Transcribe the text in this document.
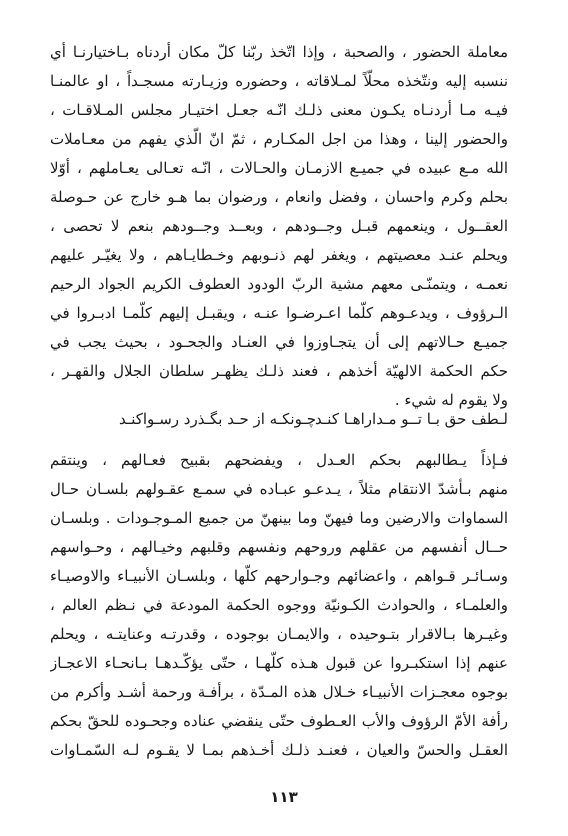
معاملة الحضور ، والصحبة ، وإذا اتّخذ ربّنا كلّ مكان أردناه بـاختيارنـا أي
ننسبه إليه ونتّخذه محلّاً لمـلاقاته ، وحضوره وزيـارته مسجـداً ، او عالمنـا
فيـه مـا أردنـاه يكـون معنى ذلـك انّـه جعـل اختيـار مجلس المـلاقـات ،
والحضور إلينا ، وهذا من اجل المكـارم ، ثمّ انّ الّذي يفهم من معـاملات
الله مـع عبيده في جميـع الازمـان والحـالات ، انّـه تعـالى يعـاملهم ، أوّلا
بحلم وكرم واحسان ، وفضل وانعام ، ورضوان بما هـو خارج عن حـوصلة
العقــول ، وينعمهم قبـل وجــودهم ، وبعــد وجــودهم بنعم لا تحصى ،
ويحلم عنـد معصيتهم ، ويغفر لهم ذنـوبهم وخـطايـاهم ، ولا يغيّـر عليهم
نعمـه ، ويتمنّـى معهم مشية الربّ الودود العطوف الكريم الجواد الرحيم
الـرؤوف ، ويدعـوهم كلّما اعـرضـوا عنـه ، ويقبـل إليهم كلّمـا ادبـروا في
جميـع حـالاتهم إلى أن يتجـاوزوا في العنـاد والجحـود ، بحيث يجب في
حكم الحكمة الالهيّة أخذهم ، فعند ذلـك يظهـر سلطان الجلال والقهـر ،
ولا يقوم له شيء .
لـطف حق بـا تــو مـداراهـا كنـد
چـونكـه از حـد بگـذرد رسـواكنـد
فـإذاً يـطالبهم بحكم العـدل ، ويفضحهم بقبيح فعـالهم ، وينتقم
منهم بـأشدّ الانتقام مثلاً ، يـدعـو عبـاده في سمـع عقـولهم بلسـان حـال
السماوات والارضين وما فيهنّ وما بينهنّ من جميع المـوجـودات . وبلسـان
حــال أنفسهم من عقلهم وروحهم ونفسهم وقلبهم وخيـالهم ، وحـواسهم
وسـائـر قـواهم ، واعضائهم وجـوارحهم كلّها ، وبلسـان الأنبيـاء والاوصيـاء
والعلمـاء ، والحوادث الكـونيّة ووجوه الحكمة المودعة في نـظم العالم ،
وغيـرها بـالاقرار بتـوحيده ، والايمـان بوجوده ، وقدرتـه وعنايتـه ، ويحلم
عنهم إذا استكبـروا عن قبول هـذه كلّهـا ، حتّى يؤكّـدهـا بـانحـاء الاعجـاز
بوجوه معجـزات الأنبيـاء خـلال هذه المـدّة ، برأفـة ورحمة أشـد وأكرم من
رأفة الأمّ الرؤوف والأب العـطوف حتّى ينقضي عناده وجحـوده للحقّ بحكم
العقـل والحسّ والعيان ، فعنـد ذلـك أخـذهم بمـا لا يقـوم لـه السّمـاوات
١١٣
